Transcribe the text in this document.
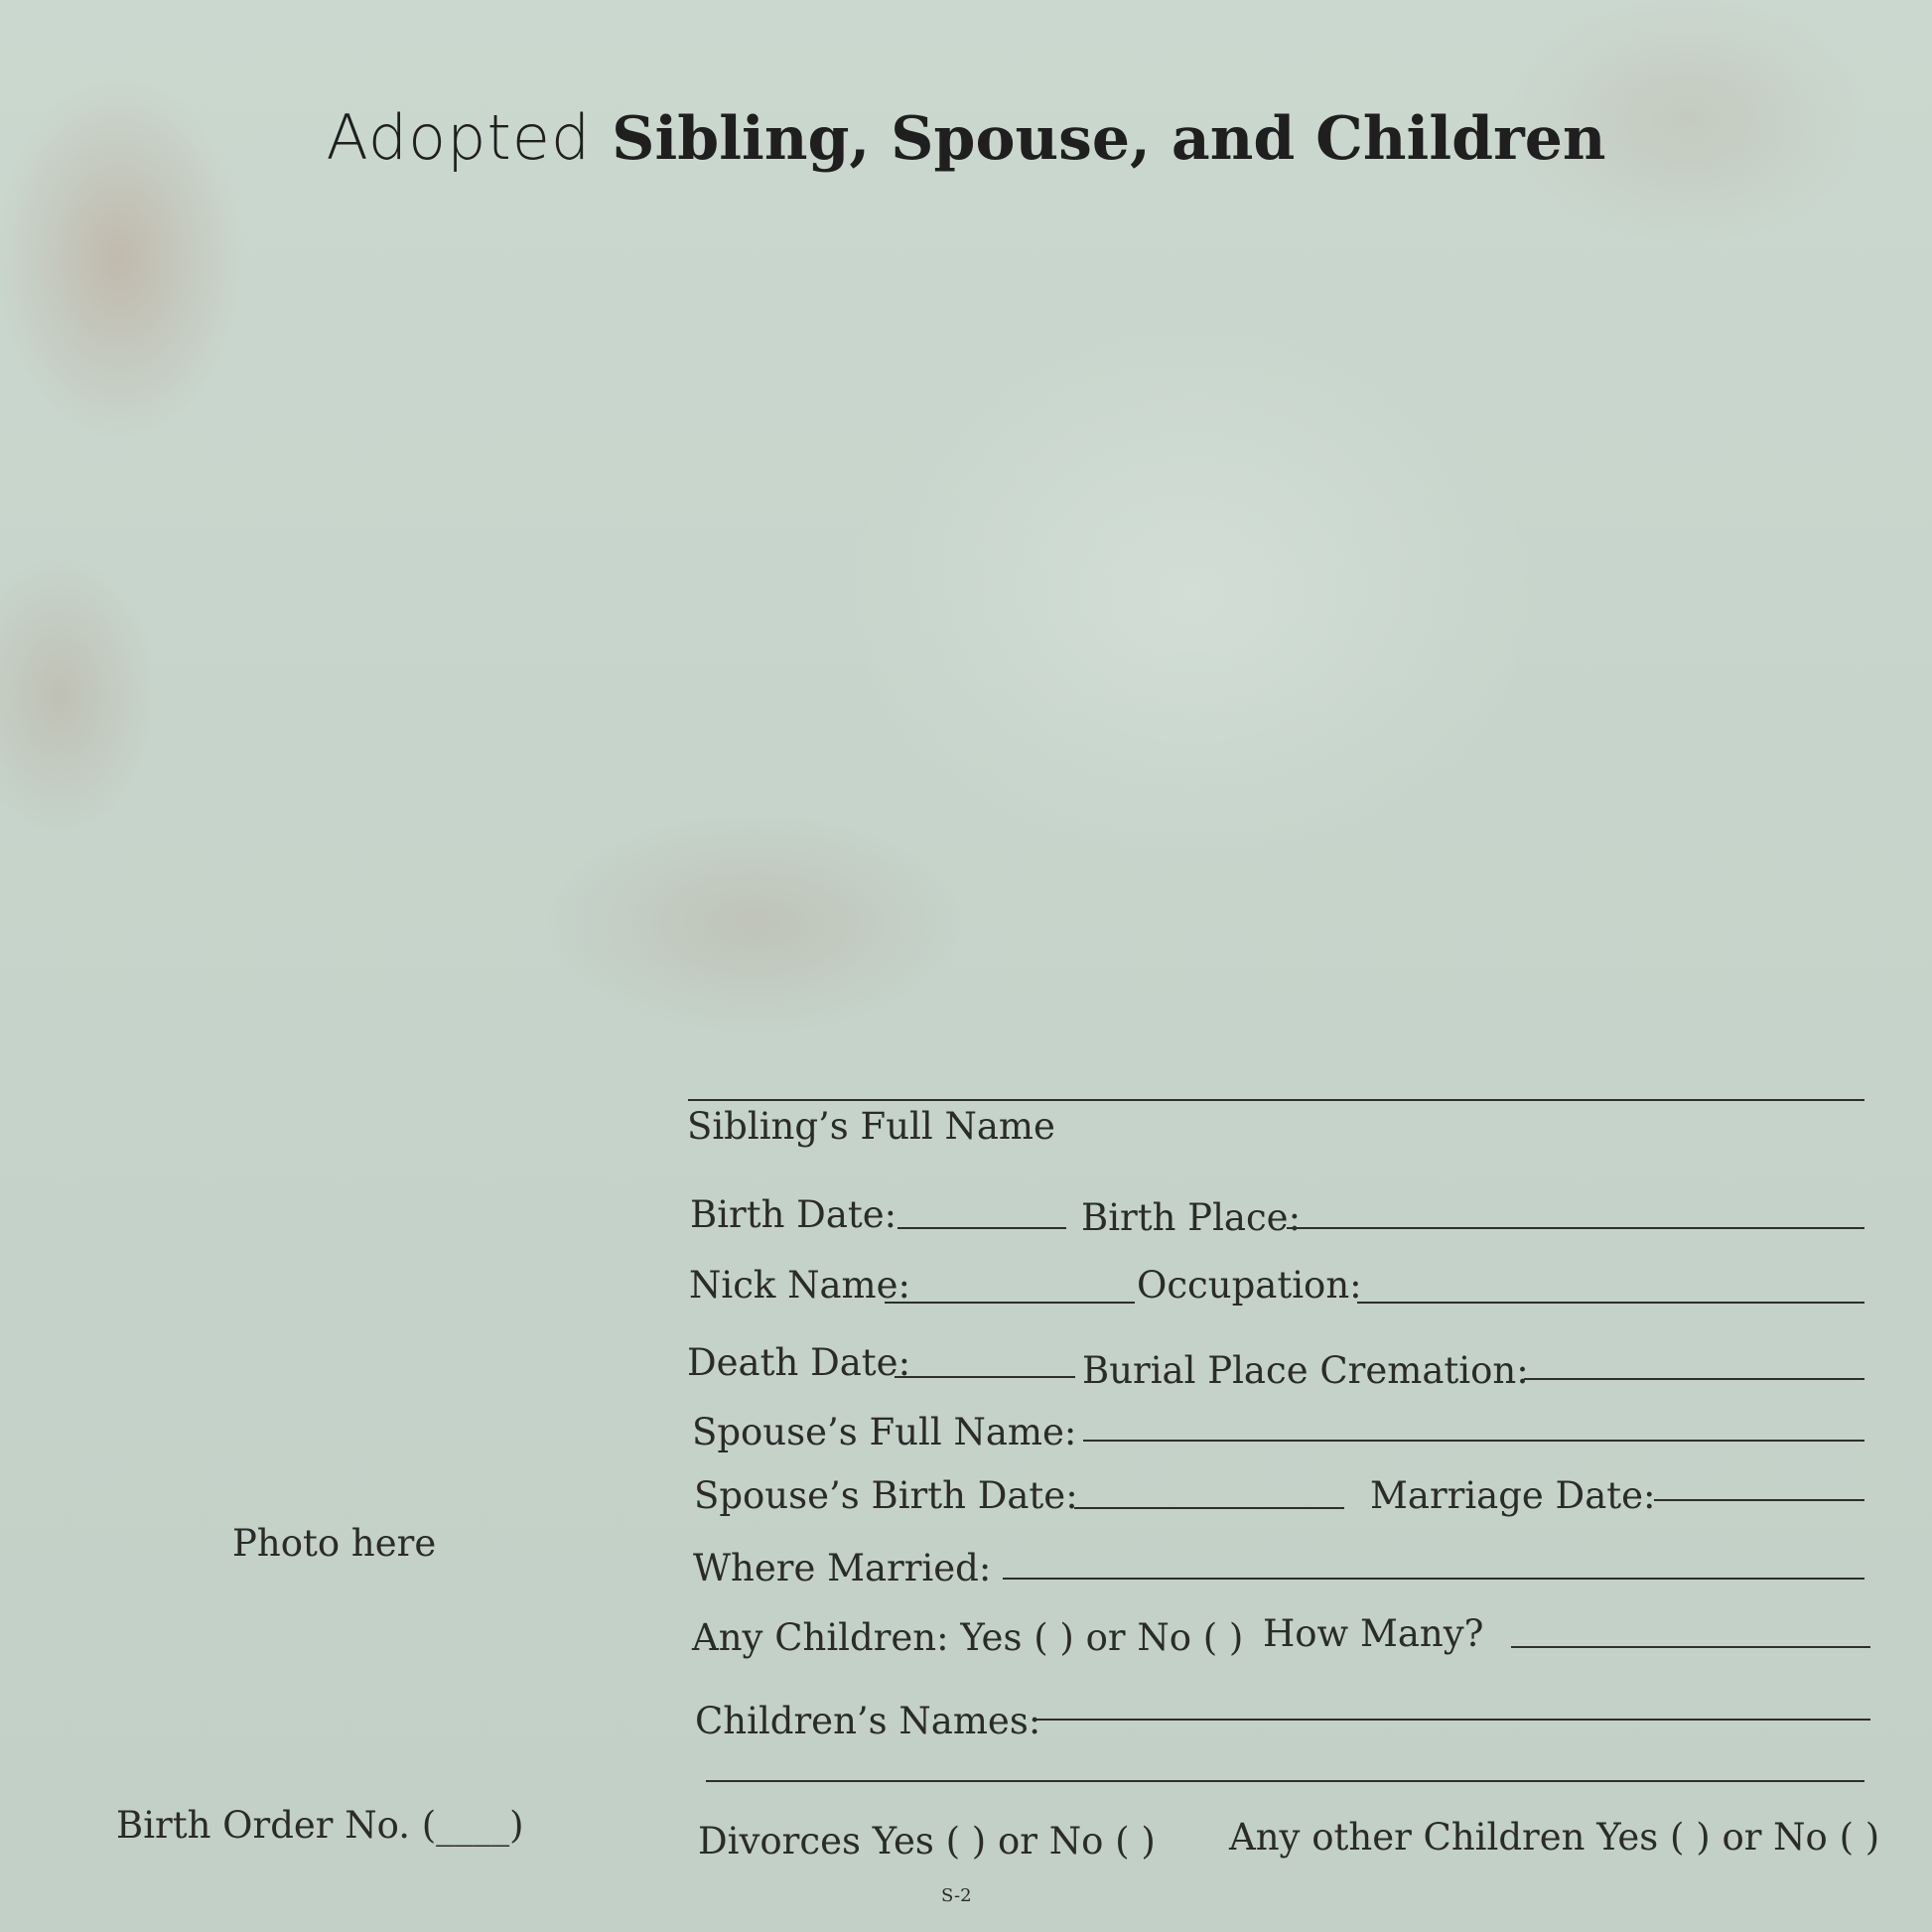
Adopted Sibling, Spouse, and Children
Photo here
Birth Order No. (____)
Sibling’s Full Name
Birth Date:	Birth Place:
Nick Name:	Occupation:
Death Date:	Burial Place Cremation:
Spouse’s Full Name:
Spouse’s Birth Date:	Marriage Date:
Where Married:
Any Children: Yes ( ) or No ( ) How Many?
Children’s Names:
Divorces Yes ( ) or No ( ) Any other Children Yes ( ) or No ( )
S-2
